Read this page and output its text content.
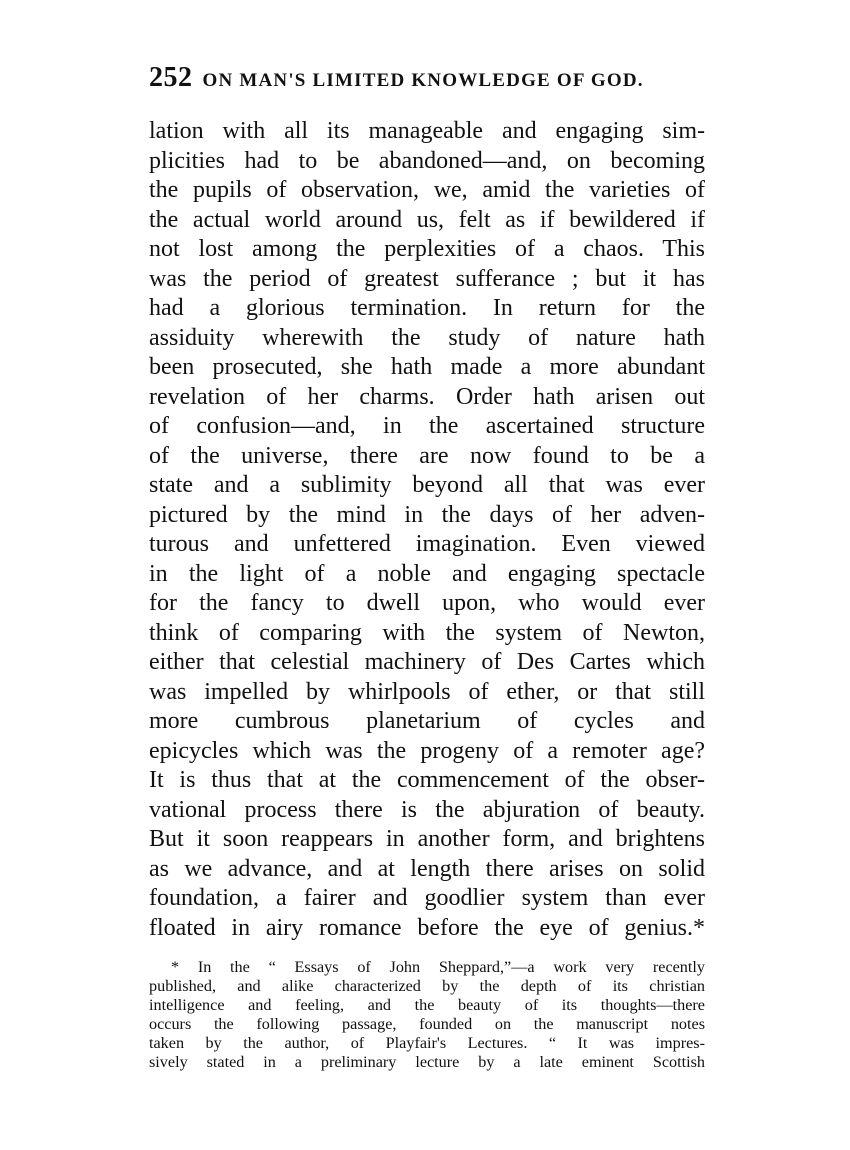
252 ON MAN'S LIMITED KNOWLEDGE OF GOD.
lation with all its manageable and engaging sim-
plicities had to be abandoned—and, on becoming
the pupils of observation, we, amid the varieties of
the actual world around us, felt as if bewildered if
not lost among the perplexities of a chaos. This
was the period of greatest sufferance ; but it has
had a glorious termination. In return for the
assiduity wherewith the study of nature hath
been prosecuted, she hath made a more abundant
revelation of her charms. Order hath arisen out
of confusion—and, in the ascertained structure
of the universe, there are now found to be a
state and a sublimity beyond all that was ever
pictured by the mind in the days of her adven-
turous and unfettered imagination. Even viewed
in the light of a noble and engaging spectacle
for the fancy to dwell upon, who would ever
think of comparing with the system of Newton,
either that celestial machinery of Des Cartes which
was impelled by whirlpools of ether, or that still
more cumbrous planetarium of cycles and
epicycles which was the progeny of a remoter age?
It is thus that at the commencement of the obser-
vational process there is the abjuration of beauty.
But it soon reappears in another form, and brightens
as we advance, and at length there arises on solid
foundation, a fairer and goodlier system than ever
floated in airy romance before the eye of genius.*
* In the “ Essays of John Sheppard,”—a work very recently
published, and alike characterized by the depth of its christian
intelligence and feeling, and the beauty of its thoughts—there
occurs the following passage, founded on the manuscript notes
taken by the author, of Playfair's Lectures. “ It was impres-
sively stated in a preliminary lecture by a late eminent Scottish
